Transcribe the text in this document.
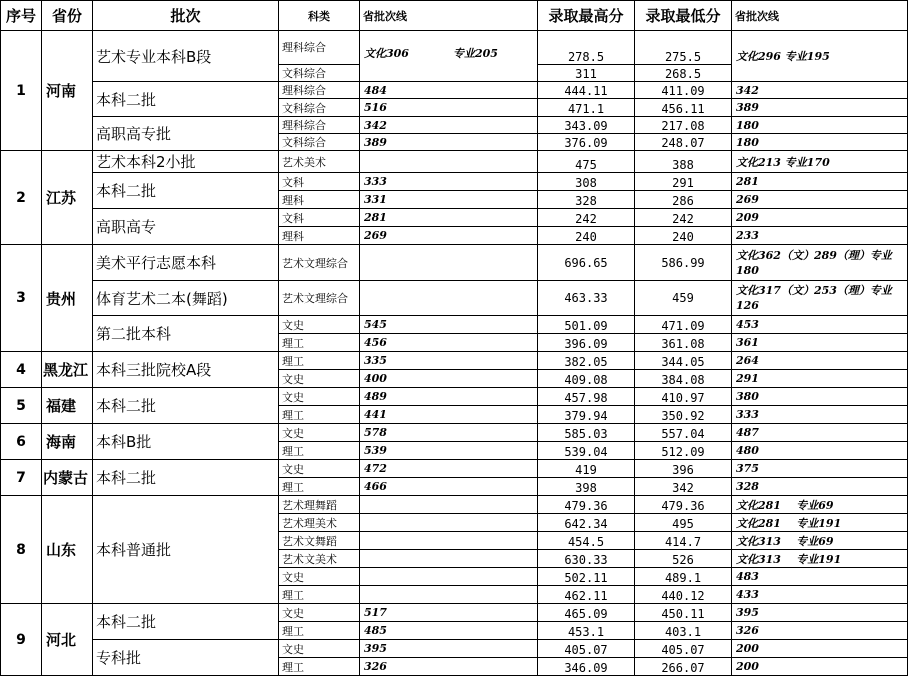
序号	省份	批次	科类	省批次线	录取最高分	录取最低分	省批次线
1	河南	艺术专业本科B段	理科综合	文化306 专业205	278.5	275.5	文化296 专业195
			文科综合		311	268.5	
		本科二批	理科综合	484	444.11	411.09	342
			文科综合	516	471.1	456.11	389
		高职高专批	理科综合	342	343.09	217.08	180
			文科综合	389	376.09	248.07	180
2	江苏	艺术本科2小批	艺术美术		475	388	文化213 专业170
		本科二批	文科	333	308	291	281
			理科	331	328	286	269
		高职高专	文科	281	242	242	209
			理科	269	240	240	233
3	贵州	美术平行志愿本科	艺术文理综合		696.65	586.99	文化362（文）289（理）专业180
		体育艺术二本(舞蹈)	艺术文理综合		463.33	459	文化317（文）253（理）专业126
		第二批本科	文史	545	501.09	471.09	453
			理工	456	396.09	361.08	361
4	黑龙江	本科三批院校A段	理工	335	382.05	344.05	264
			文史	400	409.08	384.08	291
5	福建	本科二批	文史	489	457.98	410.97	380
			理工	441	379.94	350.92	333
6	海南	本科B批	文史	578	585.03	557.04	487
			理工	539	539.04	512.09	480
7	内蒙古	本科二批	文史	472	419	396	375
			理工	466	398	342	328
8	山东	本科普通批	艺术理舞蹈		479.36	479.36	文化281    专业69
			艺术理美术		642.34	495	文化281    专业191
			艺术文舞蹈		454.5	414.7	文化313    专业69
			艺术文美术		630.33	526	文化313    专业191
			文史		502.11	489.1	483
			理工		462.11	440.12	433
9	河北	本科二批	文史	517	465.09	450.11	395
			理工	485	453.1	403.1	326
		专科批	文史	395	405.07	405.07	200
			理工	326	346.09	266.07	200
